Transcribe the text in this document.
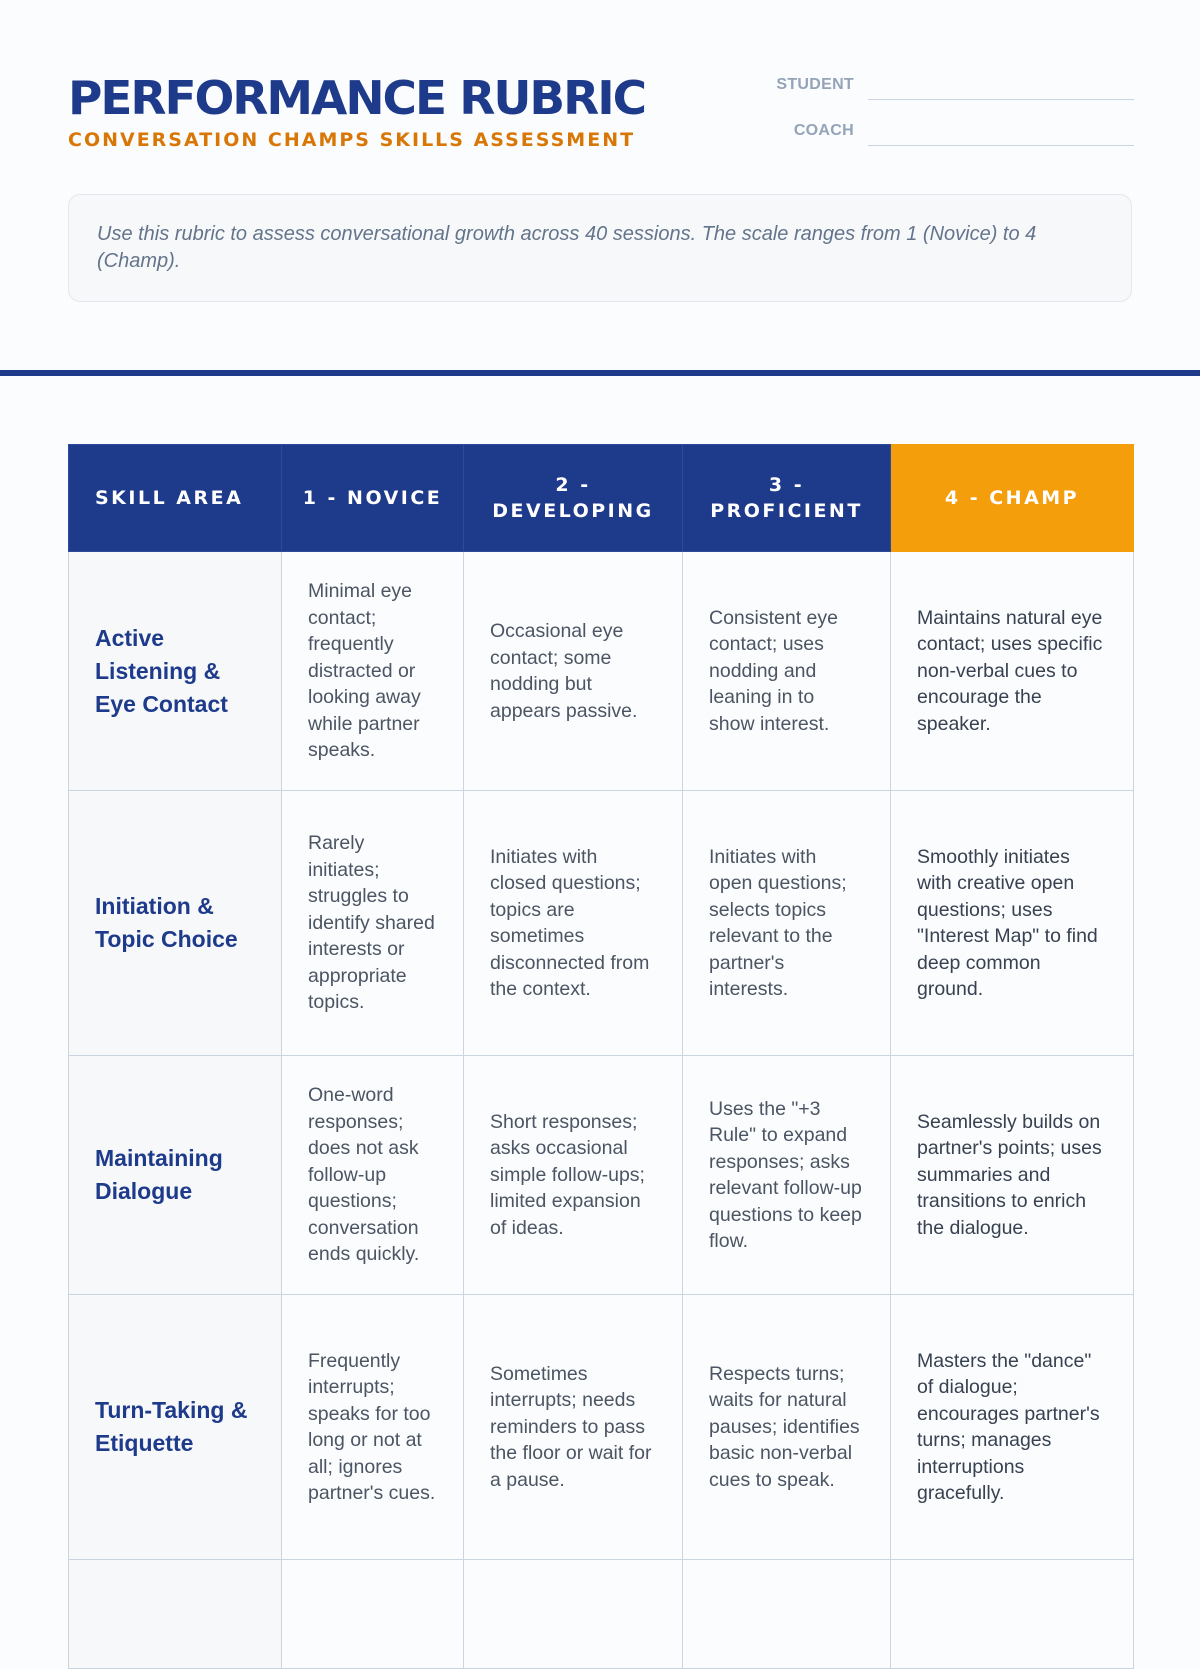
PERFORMANCE RUBRIC
CONVERSATION CHAMPS SKILLS ASSESSMENT
STUDENT
COACH
Use this rubric to assess conversational growth across 40 sessions. The scale ranges from 1 (Novice) to 4 (Champ).
SKILL AREA	1 - NOVICE	2 - DEVELOPING	3 - PROFICIENT	4 - CHAMP
Active Listening & Eye Contact	Minimal eye contact; frequently distracted or looking away while partner speaks.	Occasional eye contact; some nodding but appears passive.	Consistent eye contact; uses nodding and leaning in to show interest.	Maintains natural eye contact; uses specific non-verbal cues to encourage the speaker.
Initiation & Topic Choice	Rarely initiates; struggles to identify shared interests or appropriate topics.	Initiates with closed questions; topics are sometimes disconnected from the context.	Initiates with open questions; selects topics relevant to the partner's interests.	Smoothly initiates with creative open questions; uses "Interest Map" to find deep common ground.
Maintaining Dialogue	One-word responses; does not ask follow-up questions; conversation ends quickly.	Short responses; asks occasional simple follow-ups; limited expansion of ideas.	Uses the "+3 Rule" to expand responses; asks relevant follow-up questions to keep flow.	Seamlessly builds on partner's points; uses summaries and transitions to enrich the dialogue.
Turn-Taking & Etiquette	Frequently interrupts; speaks for too long or not at all; ignores partner's cues.	Sometimes interrupts; needs reminders to pass the floor or wait for a pause.	Respects turns; waits for natural pauses; identifies basic non-verbal cues to speak.	Masters the "dance" of dialogue; encourages partner's turns; manages interruptions gracefully.
